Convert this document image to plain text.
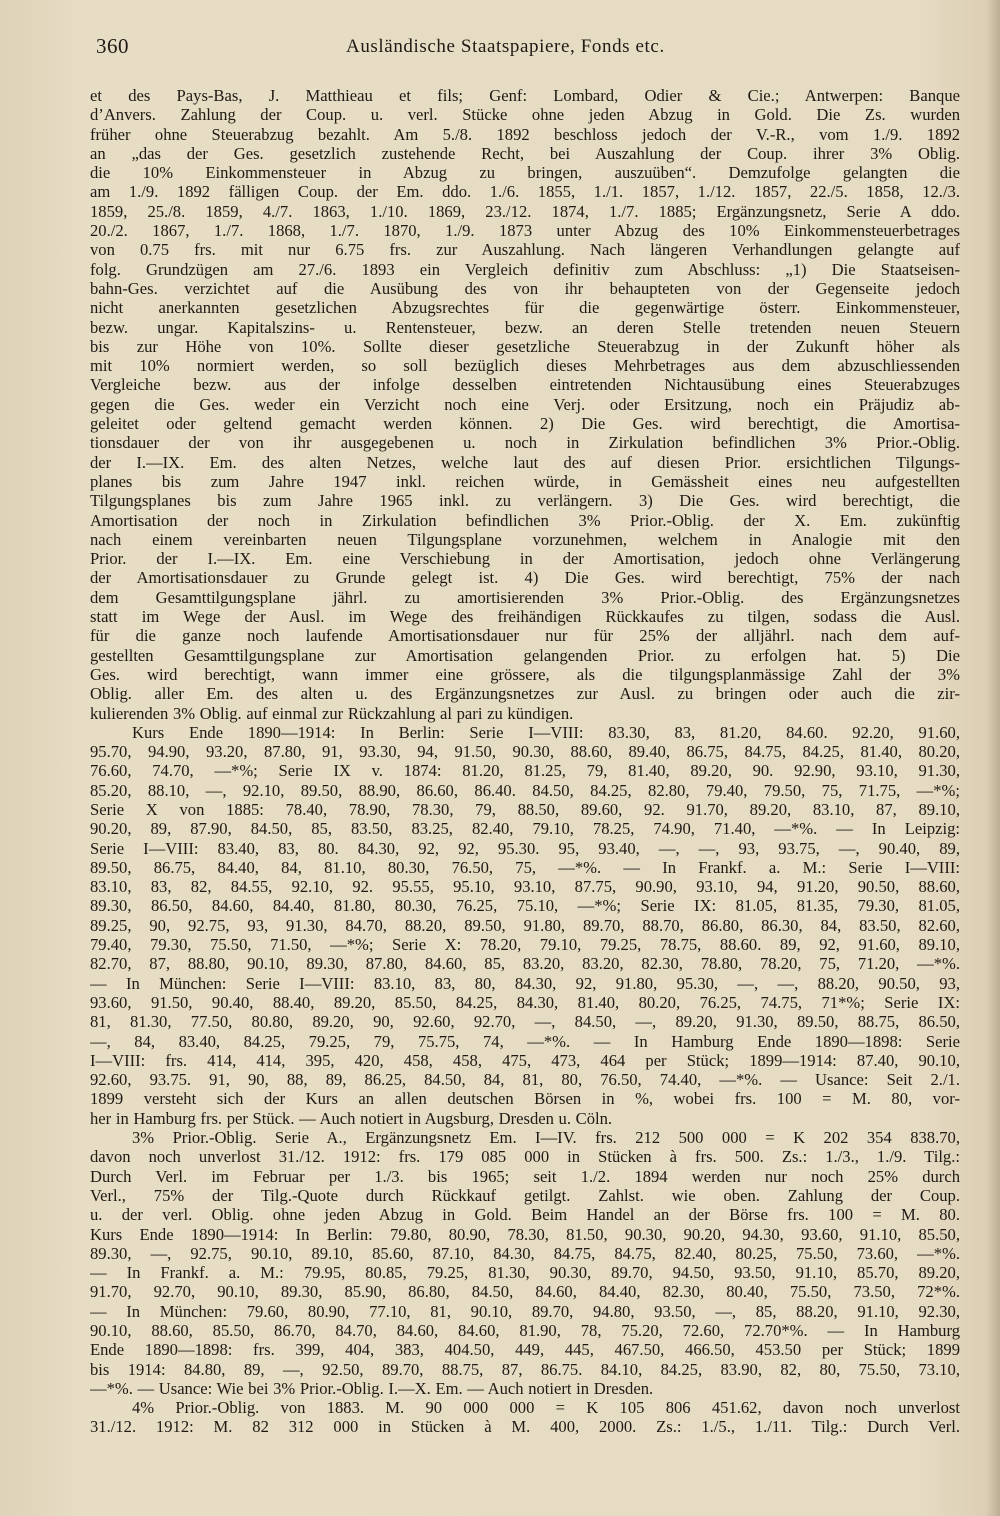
360	Ausländische Staatspapiere, Fonds etc.
et des Pays-Bas, J. Matthieau et fils; Genf: Lombard, Odier & Cie.; Antwerpen: Banque
d’Anvers. Zahlung der Coup. u. verl. Stücke ohne jeden Abzug in Gold. Die Zs. wurden
früher ohne Steuerabzug bezahlt. Am 5./8. 1892 beschloss jedoch der V.-R., vom 1./9. 1892
an „das der Ges. gesetzlich zustehende Recht, bei Auszahlung der Coup. ihrer 3% Oblig.
die 10% Einkommensteuer in Abzug zu bringen, auszuüben“. Demzufolge gelangten die
am 1./9. 1892 fälligen Coup. der Em. ddo. 1./6. 1855, 1./1. 1857, 1./12. 1857, 22./5. 1858, 12./3.
1859, 25./8. 1859, 4./7. 1863, 1./10. 1869, 23./12. 1874, 1./7. 1885; Ergänzungsnetz, Serie A ddo.
20./2. 1867, 1./7. 1868, 1./7. 1870, 1./9. 1873 unter Abzug des 10% Einkommensteuerbetrages
von 0.75 frs. mit nur 6.75 frs. zur Auszahlung. Nach längeren Verhandlungen gelangte auf
folg. Grundzügen am 27./6. 1893 ein Vergleich definitiv zum Abschluss: „1) Die Staatseisen-
bahn-Ges. verzichtet auf die Ausübung des von ihr behaupteten von der Gegenseite jedoch
nicht anerkannten gesetzlichen Abzugsrechtes für die gegenwärtige österr. Einkommensteuer,
bezw. ungar. Kapitalszins- u. Rentensteuer, bezw. an deren Stelle tretenden neuen Steuern
bis zur Höhe von 10%. Sollte dieser gesetzliche Steuerabzug in der Zukunft höher als
mit 10% normiert werden, so soll bezüglich dieses Mehrbetrages aus dem abzuschliessenden
Vergleiche bezw. aus der infolge desselben eintretenden Nichtausübung eines Steuerabzuges
gegen die Ges. weder ein Verzicht noch eine Verj. oder Ersitzung, noch ein Präjudiz ab-
geleitet oder geltend gemacht werden können. 2) Die Ges. wird berechtigt, die Amortisa-
tionsdauer der von ihr ausgegebenen u. noch in Zirkulation befindlichen 3% Prior.-Oblig.
der I.—IX. Em. des alten Netzes, welche laut des auf diesen Prior. ersichtlichen Tilgungs-
planes bis zum Jahre 1947 inkl. reichen würde, in Gemässheit eines neu aufgestellten
Tilgungsplanes bis zum Jahre 1965 inkl. zu verlängern. 3) Die Ges. wird berechtigt, die
Amortisation der noch in Zirkulation befindlichen 3% Prior.-Oblig. der X. Em. zukünftig
nach einem vereinbarten neuen Tilgungsplane vorzunehmen, welchem in Analogie mit den
Prior. der I.—IX. Em. eine Verschiebung in der Amortisation, jedoch ohne Verlängerung
der Amortisationsdauer zu Grunde gelegt ist. 4) Die Ges. wird berechtigt, 75% der nach
dem Gesamttilgungsplane jährl. zu amortisierenden 3% Prior.-Oblig. des Ergänzungsnetzes
statt im Wege der Ausl. im Wege des freihändigen Rückkaufes zu tilgen, sodass die Ausl.
für die ganze noch laufende Amortisationsdauer nur für 25% der alljährl. nach dem auf-
gestellten Gesamttilgungsplane zur Amortisation gelangenden Prior. zu erfolgen hat. 5) Die
Ges. wird berechtigt, wann immer eine grössere, als die tilgungsplanmässige Zahl der 3%
Oblig. aller Em. des alten u. des Ergänzungsnetzes zur Ausl. zu bringen oder auch die zir-
kulierenden 3% Oblig. auf einmal zur Rückzahlung al pari zu kündigen.
Kurs Ende 1890—1914: In Berlin: Serie I—VIII: 83.30, 83, 81.20, 84.60. 92.20, 91.60,
95.70, 94.90, 93.20, 87.80, 91, 93.30, 94, 91.50, 90.30, 88.60, 89.40, 86.75, 84.75, 84.25, 81.40, 80.20,
76.60, 74.70, —*%; Serie IX v. 1874: 81.20, 81.25, 79, 81.40, 89.20, 90. 92.90, 93.10, 91.30,
85.20, 88.10, —, 92.10, 89.50, 88.90, 86.60, 86.40. 84.50, 84.25, 82.80, 79.40, 79.50, 75, 71.75, —*%;
Serie X von 1885: 78.40, 78.90, 78.30, 79, 88.50, 89.60, 92. 91.70, 89.20, 83.10, 87, 89.10,
90.20, 89, 87.90, 84.50, 85, 83.50, 83.25, 82.40, 79.10, 78.25, 74.90, 71.40, —*%. — In Leipzig:
Serie I—VIII: 83.40, 83, 80. 84.30, 92, 92, 95.30. 95, 93.40, —, —, 93, 93.75, —, 90.40, 89,
89.50, 86.75, 84.40, 84, 81.10, 80.30, 76.50, 75, —*%. — In Frankf. a. M.: Serie I—VIII:
83.10, 83, 82, 84.55, 92.10, 92. 95.55, 95.10, 93.10, 87.75, 90.90, 93.10, 94, 91.20, 90.50, 88.60,
89.30, 86.50, 84.60, 84.40, 81.80, 80.30, 76.25, 75.10, —*%; Serie IX: 81.05, 81.35, 79.30, 81.05,
89.25, 90, 92.75, 93, 91.30, 84.70, 88.20, 89.50, 91.80, 89.70, 88.70, 86.80, 86.30, 84, 83.50, 82.60,
79.40, 79.30, 75.50, 71.50, —*%; Serie X: 78.20, 79.10, 79.25, 78.75, 88.60. 89, 92, 91.60, 89.10,
82.70, 87, 88.80, 90.10, 89.30, 87.80, 84.60, 85, 83.20, 83.20, 82.30, 78.80, 78.20, 75, 71.20, —*%.
— In München: Serie I—VIII: 83.10, 83, 80, 84.30, 92, 91.80, 95.30, —, —, 88.20, 90.50, 93,
93.60, 91.50, 90.40, 88.40, 89.20, 85.50, 84.25, 84.30, 81.40, 80.20, 76.25, 74.75, 71*%; Serie IX:
81, 81.30, 77.50, 80.80, 89.20, 90, 92.60, 92.70, —, 84.50, —, 89.20, 91.30, 89.50, 88.75, 86.50,
—, 84, 83.40, 84.25, 79.25, 79, 75.75, 74, —*%. — In Hamburg Ende 1890—1898: Serie
I—VIII: frs. 414, 414, 395, 420, 458, 458, 475, 473, 464 per Stück; 1899—1914: 87.40, 90.10,
92.60, 93.75. 91, 90, 88, 89, 86.25, 84.50, 84, 81, 80, 76.50, 74.40, —*%. — Usance: Seit 2./1.
1899 versteht sich der Kurs an allen deutschen Börsen in %, wobei frs. 100 = M. 80, vor-
her in Hamburg frs. per Stück. — Auch notiert in Augsburg, Dresden u. Cöln.
3% Prior.-Oblig. Serie A., Ergänzungsnetz Em. I—IV. frs. 212 500 000 = K 202 354 838.70,
davon noch unverlost 31./12. 1912: frs. 179 085 000 in Stücken à frs. 500. Zs.: 1./3., 1./9. Tilg.:
Durch Verl. im Februar per 1./3. bis 1965; seit 1./2. 1894 werden nur noch 25% durch
Verl., 75% der Tilg.-Quote durch Rückkauf getilgt. Zahlst. wie oben. Zahlung der Coup.
u. der verl. Oblig. ohne jeden Abzug in Gold. Beim Handel an der Börse frs. 100 = M. 80.
Kurs Ende 1890—1914: In Berlin: 79.80, 80.90, 78.30, 81.50, 90.30, 90.20, 94.30, 93.60, 91.10, 85.50,
89.30, —, 92.75, 90.10, 89.10, 85.60, 87.10, 84.30, 84.75, 84.75, 82.40, 80.25, 75.50, 73.60, —*%.
— In Frankf. a. M.: 79.95, 80.85, 79.25, 81.30, 90.30, 89.70, 94.50, 93.50, 91.10, 85.70, 89.20,
91.70, 92.70, 90.10, 89.30, 85.90, 86.80, 84.50, 84.60, 84.40, 82.30, 80.40, 75.50, 73.50, 72*%.
— In München: 79.60, 80.90, 77.10, 81, 90.10, 89.70, 94.80, 93.50, —, 85, 88.20, 91.10, 92.30,
90.10, 88.60, 85.50, 86.70, 84.70, 84.60, 84.60, 81.90, 78, 75.20, 72.60, 72.70*%. — In Hamburg
Ende 1890—1898: frs. 399, 404, 383, 404.50, 449, 445, 467.50, 466.50, 453.50 per Stück; 1899
bis 1914: 84.80, 89, —, 92.50, 89.70, 88.75, 87, 86.75. 84.10, 84.25, 83.90, 82, 80, 75.50, 73.10,
—*%. — Usance: Wie bei 3% Prior.-Oblig. I.—X. Em. — Auch notiert in Dresden.
4% Prior.-Oblig. von 1883. M. 90 000 000 = K 105 806 451.62, davon noch unverlost
31./12. 1912: M. 82 312 000 in Stücken à M. 400, 2000. Zs.: 1./5., 1./11. Tilg.: Durch Verl.
